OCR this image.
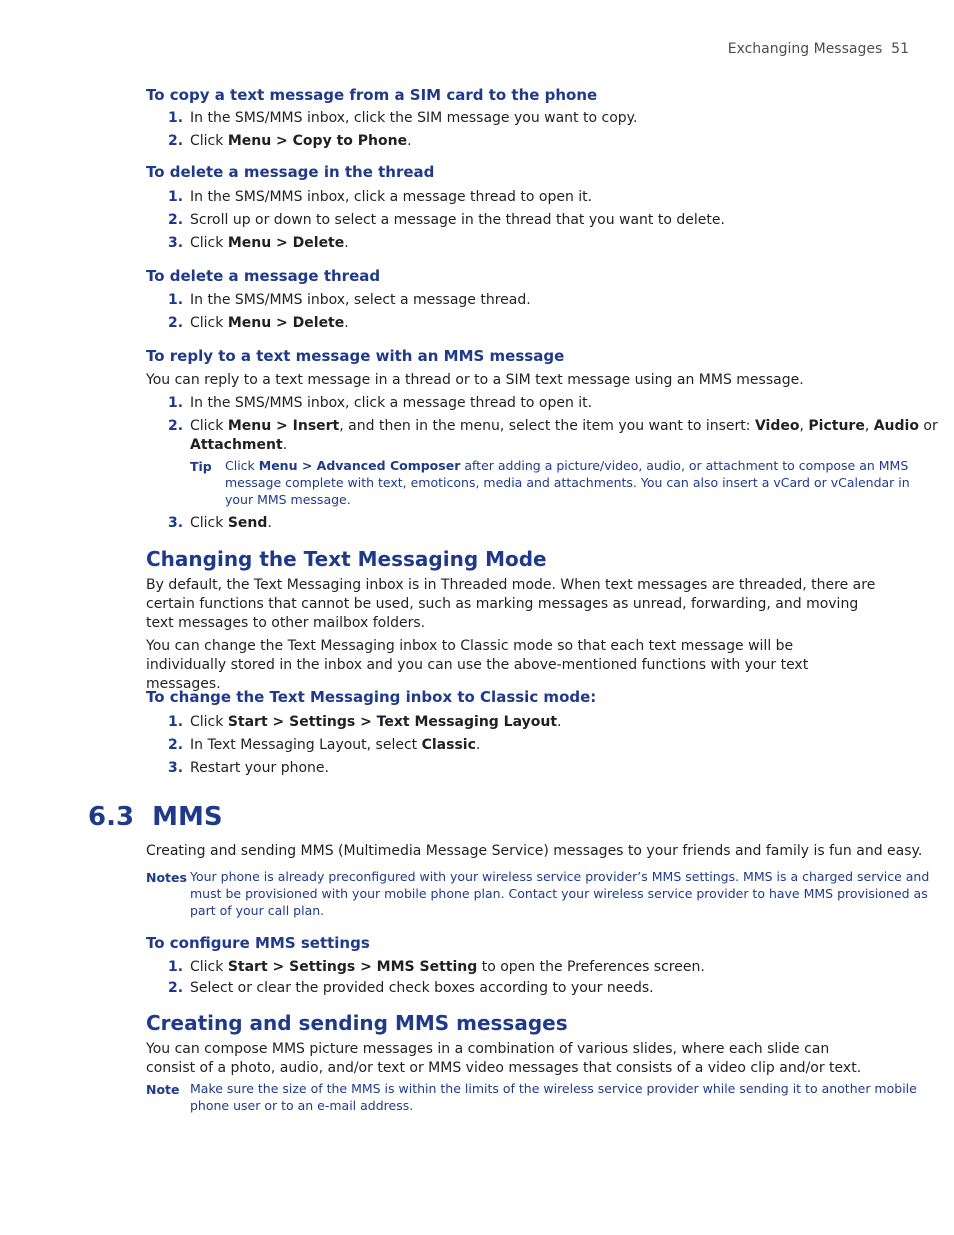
Exchanging Messages 51
To copy a text message from a SIM card to the phone
1. In the SMS/MMS inbox, click the SIM message you want to copy.
2. Click Menu > Copy to Phone.
To delete a message in the thread
1. In the SMS/MMS inbox, click a message thread to open it.
2. Scroll up or down to select a message in the thread that you want to delete.
3. Click Menu > Delete.
To delete a message thread
1. In the SMS/MMS inbox, select a message thread.
2. Click Menu > Delete.
To reply to a text message with an MMS message
You can reply to a text message in a thread or to a SIM text message using an MMS message.
1. In the SMS/MMS inbox, click a message thread to open it.
2. Click Menu > Insert, and then in the menu, select the item you want to insert: Video, Picture, Audio or
Attachment.
Tip Click Menu > Advanced Composer after adding a picture/video, audio, or attachment to compose an MMS
message complete with text, emoticons, media and attachments. You can also insert a vCard or vCalendar in
your MMS message.
3. Click Send.
Changing the Text Messaging Mode
By default, the Text Messaging inbox is in Threaded mode. When text messages are threaded, there are certain functions that cannot be used, such as marking messages as unread, forwarding, and moving text messages to other mailbox folders.
You can change the Text Messaging inbox to Classic mode so that each text message will be individually stored in the inbox and you can use the above-mentioned functions with your text messages.
To change the Text Messaging inbox to Classic mode:
1. Click Start > Settings > Text Messaging Layout.
2. In Text Messaging Layout, select Classic.
3. Restart your phone.
6.3  MMS
Creating and sending MMS (Multimedia Message Service) messages to your friends and family is fun and easy.
Notes Your phone is already preconfigured with your wireless service provider’s MMS settings. MMS is a charged service and
must be provisioned with your mobile phone plan. Contact your wireless service provider to have MMS provisioned as
part of your call plan.
To configure MMS settings
1. Click Start > Settings > MMS Setting to open the Preferences screen.
2. Select or clear the provided check boxes according to your needs.
Creating and sending MMS messages
You can compose MMS picture messages in a combination of various slides, where each slide can consist of a photo, audio, and/or text or MMS video messages that consists of a video clip and/or text.
Note Make sure the size of the MMS is within the limits of the wireless service provider while sending it to another mobile
phone user or to an e-mail address.
